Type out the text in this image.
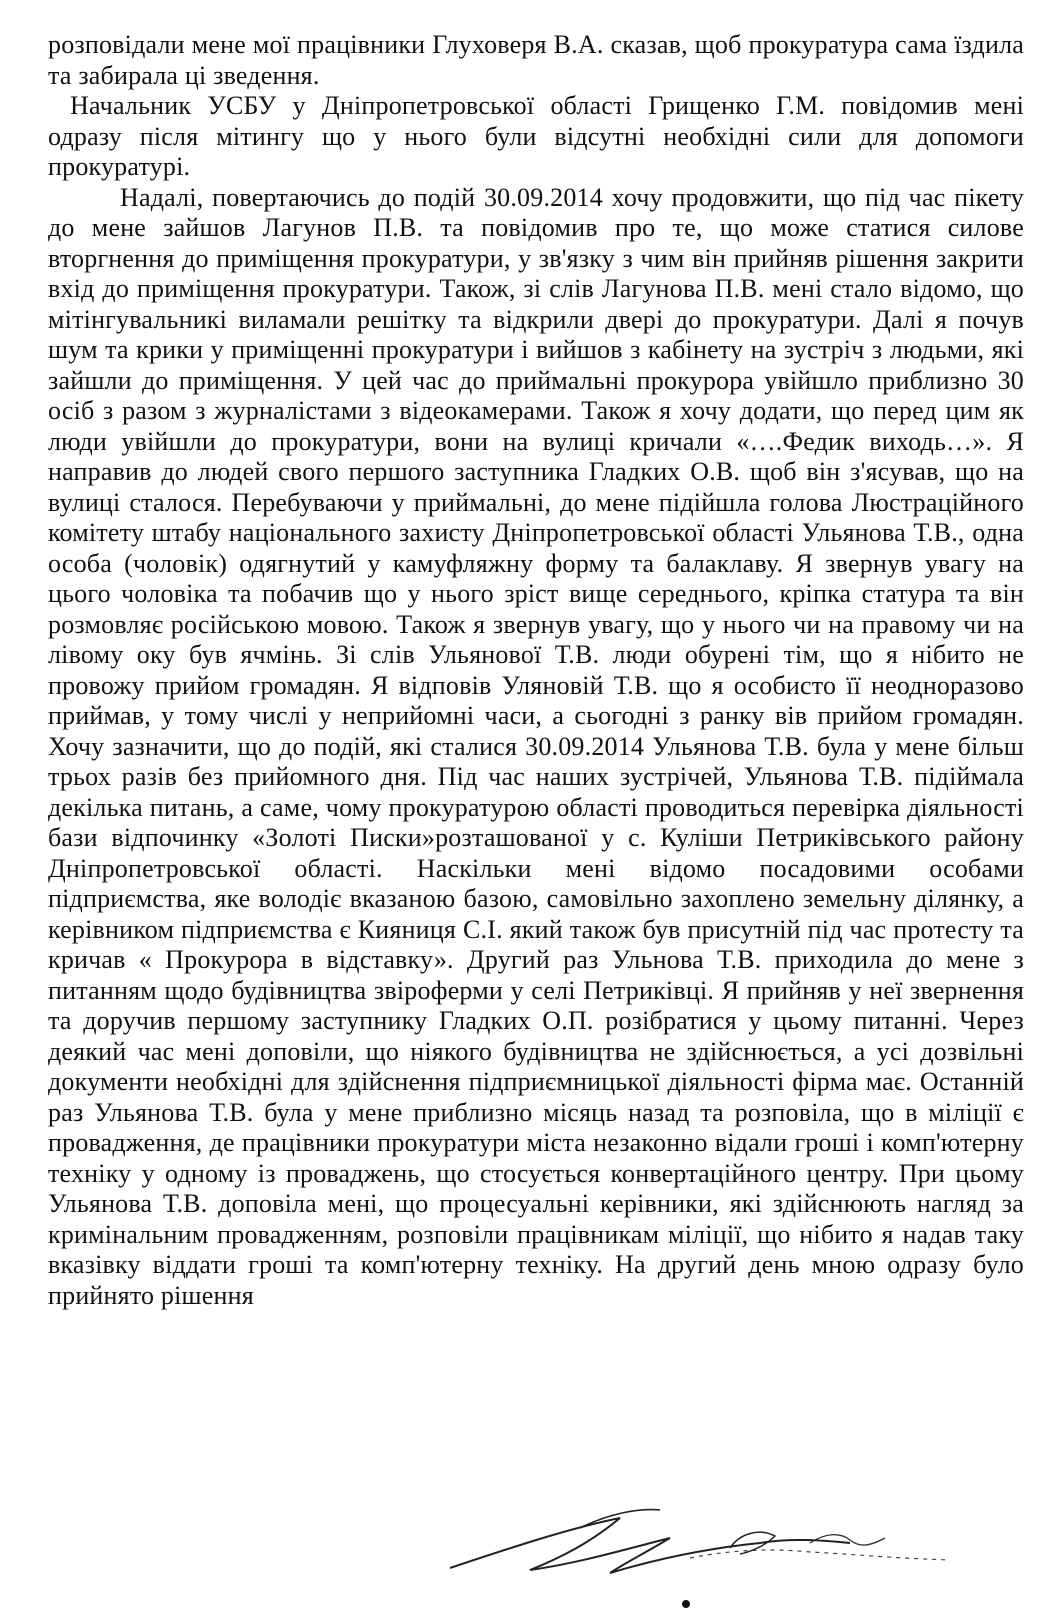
розповідали мене мої працівники Глуховеря В.А. сказав, щоб прокуратура сама їздила та забирала ці зведення.

Начальник УСБУ у Дніпропетровської області Грищенко Г.М. повідомив мені одразу після мітингу що у нього були відсутні необхідні сили для допомоги прокуратурі.

Надалі, повертаючись до подій 30.09.2014 хочу продовжити, що під час пікету до мене зайшов Лагунов П.В. та повідомив про те, що може статися силове вторгнення до приміщення прокуратури, у зв'язку з чим він прийняв рішення закрити вхід до приміщення прокуратури. Також, зі слів Лагунова П.В. мені стало відомо, що мітінгувальникі виламали решітку та відкрили двері до прокуратури. Далі я почув шум та крики у приміщенні прокуратури і вийшов з кабінету на зустріч з людьми, які зайшли до приміщення. У цей час до приймальні прокурора увійшло приблизно 30 осіб з разом з журналістами з відеокамерами. Також я хочу додати, що перед цим як люди увійшли до прокуратури, вони на вулиці кричали «….Федик виходь…». Я направив до людей свого першого заступника Гладких О.В. щоб він з'ясував, що на вулиці сталося. Перебуваючи у приймальні, до мене підійшла голова Люстраційного комітету штабу національного захисту Дніпропетровської області Ульянова Т.В., одна особа (чоловік) одягнутий у камуфляжну форму та балаклаву. Я звернув увагу на цього чоловіка та побачив що у нього зріст вище середнього, кріпка статура та він розмовляє російською мовою. Також я звернув увагу, що у нього чи на правому чи на лівому оку був ячмінь. Зі слів Ульянової Т.В. люди обурені тім, що я нібито не провожу прийом громадян. Я відповів Уляновій Т.В. що я особисто її неодноразово приймав, у тому числі у неприйомні часи, а сьогодні з ранку вів прийом громадян. Хочу зазначити, що до подій, які сталися 30.09.2014 Ульянова Т.В. була у мене більш трьох разів без прийомного дня. Під час наших зустрічей, Ульянова Т.В. підіймала декілька питань, а саме, чому прокуратурою області проводиться перевірка діяльності бази відпочинку «Золоті Писки»розташованої у с. Куліши Петриківського району Дніпропетровської області. Наскільки мені відомо посадовими особами підприємства, яке володіє вказаною базою, самовільно захоплено земельну ділянку, а керівником підприємства є Кияниця С.І. який також був присутній під час протесту та кричав « Прокурора в відставку». Другий раз Ульнова Т.В. приходила до мене з питанням щодо будівництва звіроферми у селі Петриківці. Я прийняв у неї звернення та доручив першому заступнику Гладких О.П. розібратися у цьому питанні. Через деякий час мені доповіли, що ніякого будівництва не здійснюється, а усі дозвільні документи необхідні для здійснення підприємницької діяльності фірма має. Останній раз Ульянова Т.В. була у мене приблизно місяць назад та розповіла, що в міліції є провадження, де працівники прокуратури міста незаконно відали гроші і комп'ютерну техніку у одному із проваджень, що стосується конвертаційного центру. При цьому Ульянова Т.В. доповіла мені, що процесуальні керівники, які здійснюють нагляд за кримінальним провадженням, розповіли працівникам міліції, що нібито я надав таку вказівку віддати гроші та комп'ютерну техніку. На другий день мною одразу було прийнято рішення
